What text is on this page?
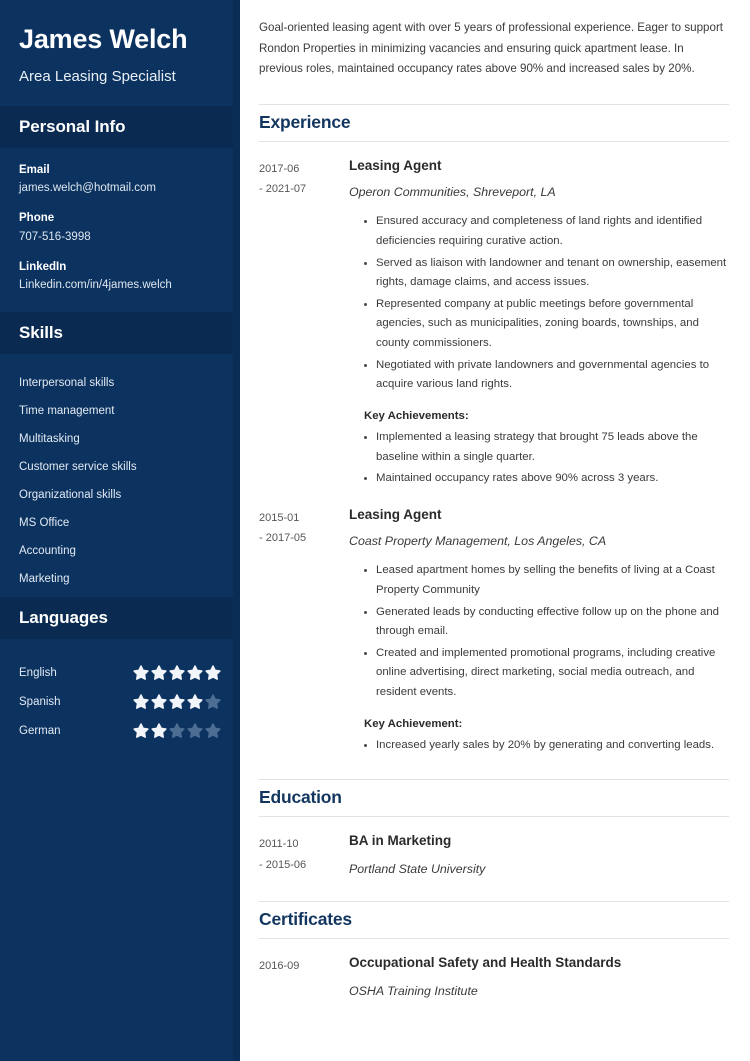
James Welch
Area Leasing Specialist
Personal Info
Email
james.welch@hotmail.com
Phone
707-516-3998
LinkedIn
Linkedin.com/in/4james.welch
Skills
Interpersonal skills
Time management
Multitasking
Customer service skills
Organizational skills
MS Office
Accounting
Marketing
Languages
English
Spanish
German

Goal-oriented leasing agent with over 5 years of professional experience. Eager to support Rondon Properties in minimizing vacancies and ensuring quick apartment lease. In previous roles, maintained occupancy rates above 90% and increased sales by 20%.

Experience
2017-06
- 2021-07
Leasing Agent
Operon Communities, Shreveport, LA
Ensured accuracy and completeness of land rights and identified deficiencies requiring curative action.
Served as liaison with landowner and tenant on ownership, easement rights, damage claims, and access issues.
Represented company at public meetings before governmental agencies, such as municipalities, zoning boards, townships, and county commissioners.
Negotiated with private landowners and governmental agencies to acquire various land rights.
Key Achievements:
Implemented a leasing strategy that brought 75 leads above the baseline within a single quarter.
Maintained occupancy rates above 90% across 3 years.
2015-01
- 2017-05
Leasing Agent
Coast Property Management, Los Angeles, CA
Leased apartment homes by selling the benefits of living at a Coast Property Community
Generated leads by conducting effective follow up on the phone and through email.
Created and implemented promotional programs, including creative online advertising, direct marketing, social media outreach, and resident events.
Key Achievement:
Increased yearly sales by 20% by generating and converting leads.
Education
2011-10
- 2015-06
BA in Marketing
Portland State University
Certificates
2016-09	Occupational Safety and Health Standards
OSHA Training Institute
